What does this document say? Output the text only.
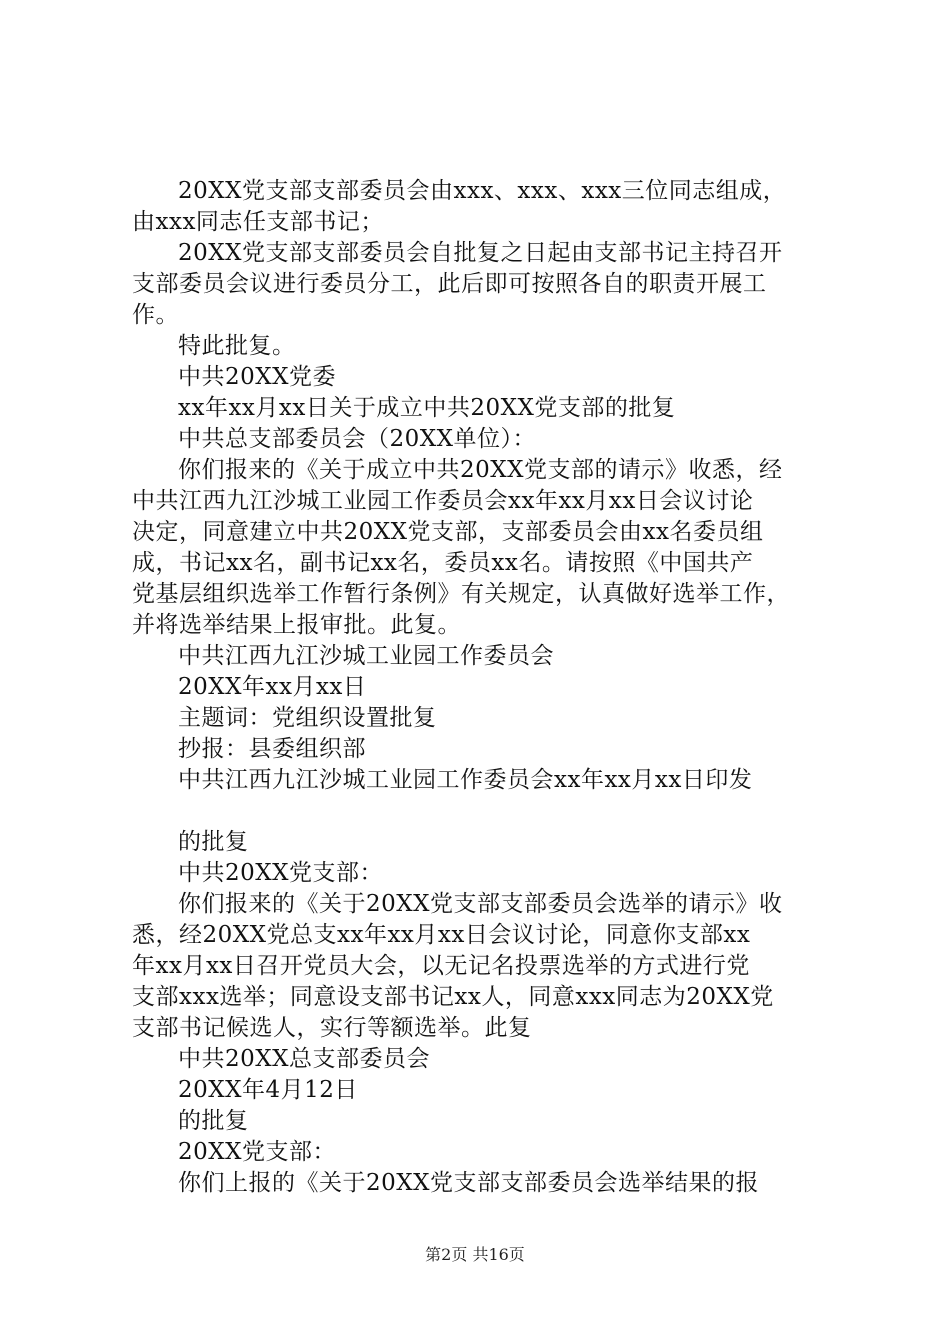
20XX党支部支部委员会由xxx、xxx、xxx三位同志组成，
由xxx同志任支部书记；
20XX党支部支部委员会自批复之日起由支部书记主持召开
支部委员会议进行委员分工，此后即可按照各自的职责开展工
作。
特此批复。
中共20XX党委
xx年xx月xx日关于成立中共20XX党支部的批复
中共总支部委员会（20XX单位）：
你们报来的《关于成立中共20XX党支部的请示》收悉，经
中共江西九江沙城工业园工作委员会xx年xx月xx日会议讨论
决定，同意建立中共20XX党支部，支部委员会由xx名委员组
成，书记xx名，副书记xx名，委员xx名。请按照《中国共产
党基层组织选举工作暂行条例》有关规定，认真做好选举工作，
并将选举结果上报审批。此复。
中共江西九江沙城工业园工作委员会
20XX年xx月xx日
主题词：党组织设置批复
抄报：县委组织部
中共江西九江沙城工业园工作委员会xx年xx月xx日印发
的批复
中共20XX党支部：
你们报来的《关于20XX党支部支部委员会选举的请示》收
悉，经20XX党总支xx年xx月xx日会议讨论，同意你支部xx
年xx月xx日召开党员大会，以无记名投票选举的方式进行党
支部xxx选举；同意设支部书记xx人，同意xxx同志为20XX党
支部书记候选人，实行等额选举。此复
中共20XX总支部委员会
20XX年4月12日
的批复
20XX党支部：
你们上报的《关于20XX党支部支部委员会选举结果的报
第2页 共16页
